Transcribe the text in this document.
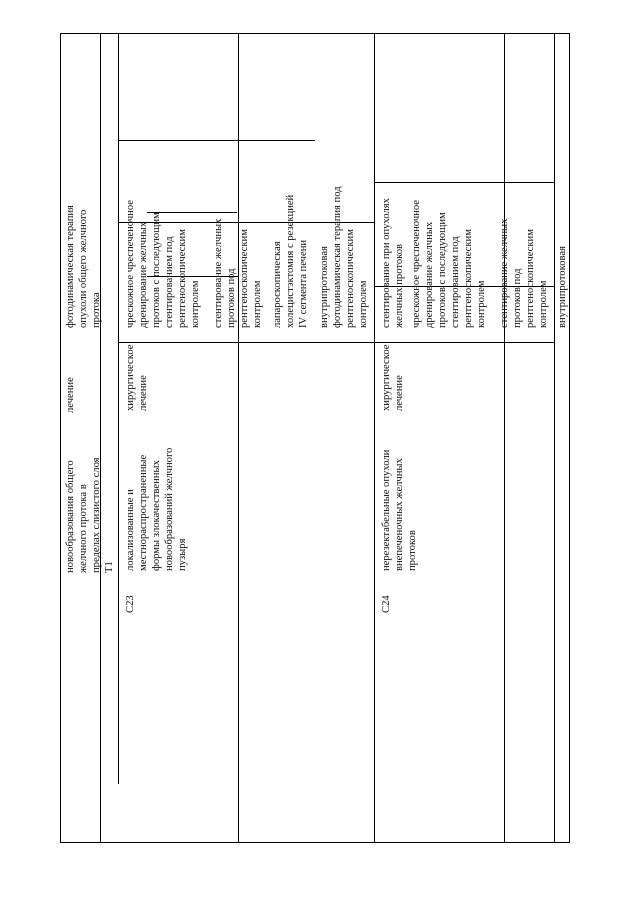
новообразования общего
желчного протока в
пределах слизистого слоя
T1
лечение
фотодинамическая терапия
опухоли общего желчного
протока
C23
локализованные и
местнораспространенные
формы злокачественных
новообразований желчного
пузыря
хирургическое
лечение
чрескожное чреспеченочное
дренирование желчных
протоков с последующим
стентированием под
рентгеноскопическим
контролем	стентирование желчных
протоков под
рентгеноскопическим
контролем лапароскопическая
холецистэктомия с резекцией
IV сегмента печени внутрипротоковая
фотодинамическая терапия под
рентгеноскопическим
контролем
C24
нерезектабельные опухоли
внепеченочных желчных
протоков
хирургическое
лечение
стентирование при опухолях
желчных протоков
чрескожное чреспеченочное
дренирование желчных
протоков с последующим
стентированием под
рентгеноскопическим
контролем	стентирование желчных
протоков под
рентгеноскопическим
контролем внутрипротоковая
